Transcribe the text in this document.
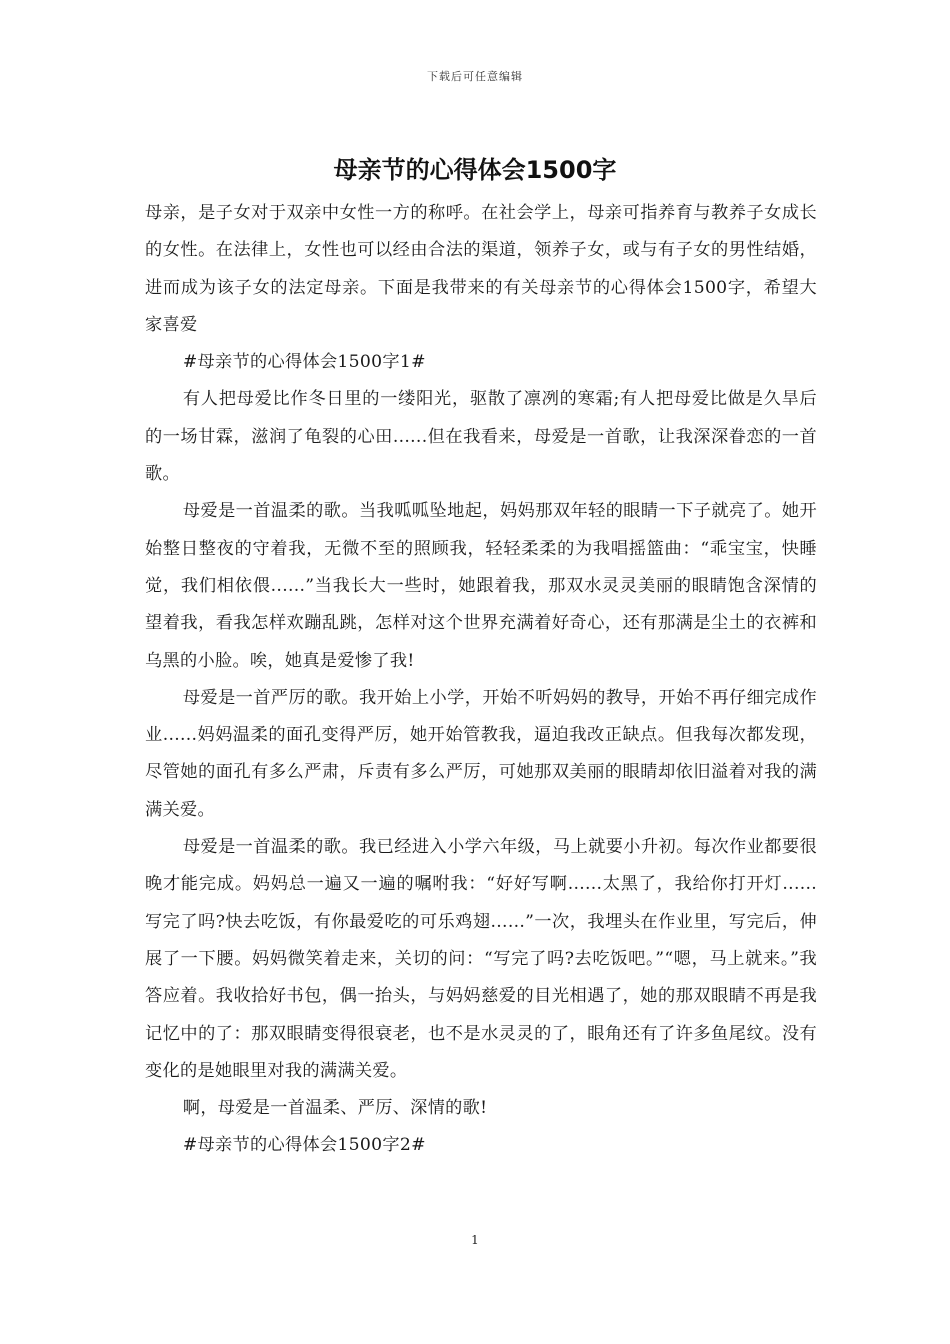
下载后可任意编辑
母亲节的心得体会1500字

母亲，是子女对于双亲中女性一方的称呼。在社会学上，母亲可指养育与教养子女成长的女性。在法律上，女性也可以经由合法的渠道，领养子女，或与有子女的男性结婚，进而成为该子女的法定母亲。下面是我带来的有关母亲节的心得体会1500字，希望大家喜爱

#母亲节的心得体会1500字1#

有人把母爱比作冬日里的一缕阳光，驱散了凛冽的寒霜;有人把母爱比做是久旱后的一场甘霖，滋润了龟裂的心田......但在我看来，母爱是一首歌，让我深深眷恋的一首歌。

母爱是一首温柔的歌。当我呱呱坠地起，妈妈那双年轻的眼睛一下子就亮了。她开始整日整夜的守着我，无微不至的照顾我，轻轻柔柔的为我唱摇篮曲：“乖宝宝，快睡觉，我们相依偎......”当我长大一些时，她跟着我，那双水灵灵美丽的眼睛饱含深情的望着我，看我怎样欢蹦乱跳，怎样对这个世界充满着好奇心，还有那满是尘土的衣裤和乌黑的小脸。唉，她真是爱惨了我!

母爱是一首严厉的歌。我开始上小学，开始不听妈妈的教导，开始不再仔细完成作业......妈妈温柔的面孔变得严厉，她开始管教我，逼迫我改正缺点。但我每次都发现，尽管她的面孔有多么严肃，斥责有多么严厉，可她那双美丽的眼睛却依旧溢着对我的满满关爱。

母爱是一首温柔的歌。我已经进入小学六年级，马上就要小升初。每次作业都要很晚才能完成。妈妈总一遍又一遍的嘱咐我：“好好写啊......太黑了，我给你打开灯......写完了吗?快去吃饭，有你最爱吃的可乐鸡翅......”一次，我埋头在作业里，写完后，伸展了一下腰。妈妈微笑着走来，关切的问：“写完了吗?去吃饭吧。”“嗯，马上就来。”我答应着。我收拾好书包，偶一抬头，与妈妈慈爱的目光相遇了，她的那双眼睛不再是我记忆中的了：那双眼睛变得很衰老，也不是水灵灵的了，眼角还有了许多鱼尾纹。没有变化的是她眼里对我的满满关爱。

啊，母爱是一首温柔、严厉、深情的歌!

#母亲节的心得体会1500字2#

1
